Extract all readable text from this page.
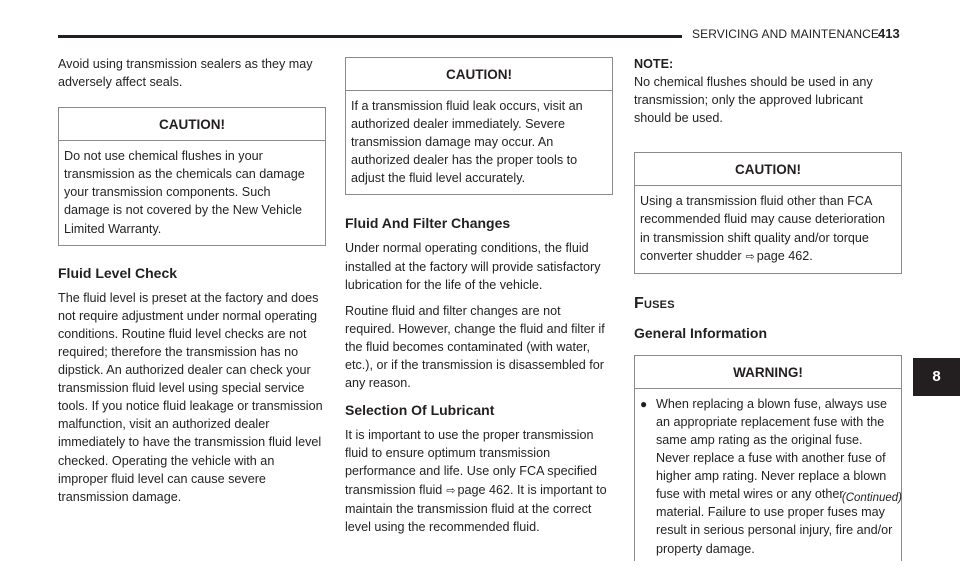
SERVICING AND MAINTENANCE 413

Avoid using transmission sealers as they may adversely affect seals.

CAUTION!
Do not use chemical flushes in your transmission as the chemicals can damage your transmission components. Such damage is not covered by the New Vehicle Limited Warranty.
Fluid Level Check

The fluid level is preset at the factory and does not require adjustment under normal operating conditions. Routine fluid level checks are not required; therefore the transmission has no dipstick. An authorized dealer can check your transmission fluid level using special service tools. If you notice fluid leakage or transmission malfunction, visit an authorized dealer immediately to have the transmission fluid level checked. Operating the vehicle with an improper fluid level can cause severe transmission damage.

CAUTION!
If a transmission fluid leak occurs, visit an authorized dealer immediately. Severe transmission damage may occur. An authorized dealer has the proper tools to adjust the fluid level accurately.
Fluid And Filter Changes

Under normal operating conditions, the fluid installed at the factory will provide satisfactory lubrication for the life of the vehicle.

Routine fluid and filter changes are not required. However, change the fluid and filter if the fluid becomes contaminated (with water, etc.), or if the transmission is disassembled for any reason.

Selection Of Lubricant

It is important to use the proper transmission fluid to ensure optimum transmission performance and life. Use only FCA specified transmission fluid ⇨ page 462. It is important to maintain the transmission fluid at the correct level using the recommended fluid.

NOTE:

No chemical flushes should be used in any transmission; only the approved lubricant should be used.

CAUTION!
Using a transmission fluid other than FCA recommended fluid may cause deterioration in transmission shift quality and/or torque converter shudder ⇨ page 462.
Fuses
General Information
WARNING!
● When replacing a blown fuse, always use an appropriate replacement fuse with the same amp rating as the original fuse. Never replace a fuse with another fuse of higher amp rating. Never replace a blown fuse with metal wires or any other material. Failure to use proper fuses may result in serious personal injury, fire and/or property damage.
(Continued)
8
